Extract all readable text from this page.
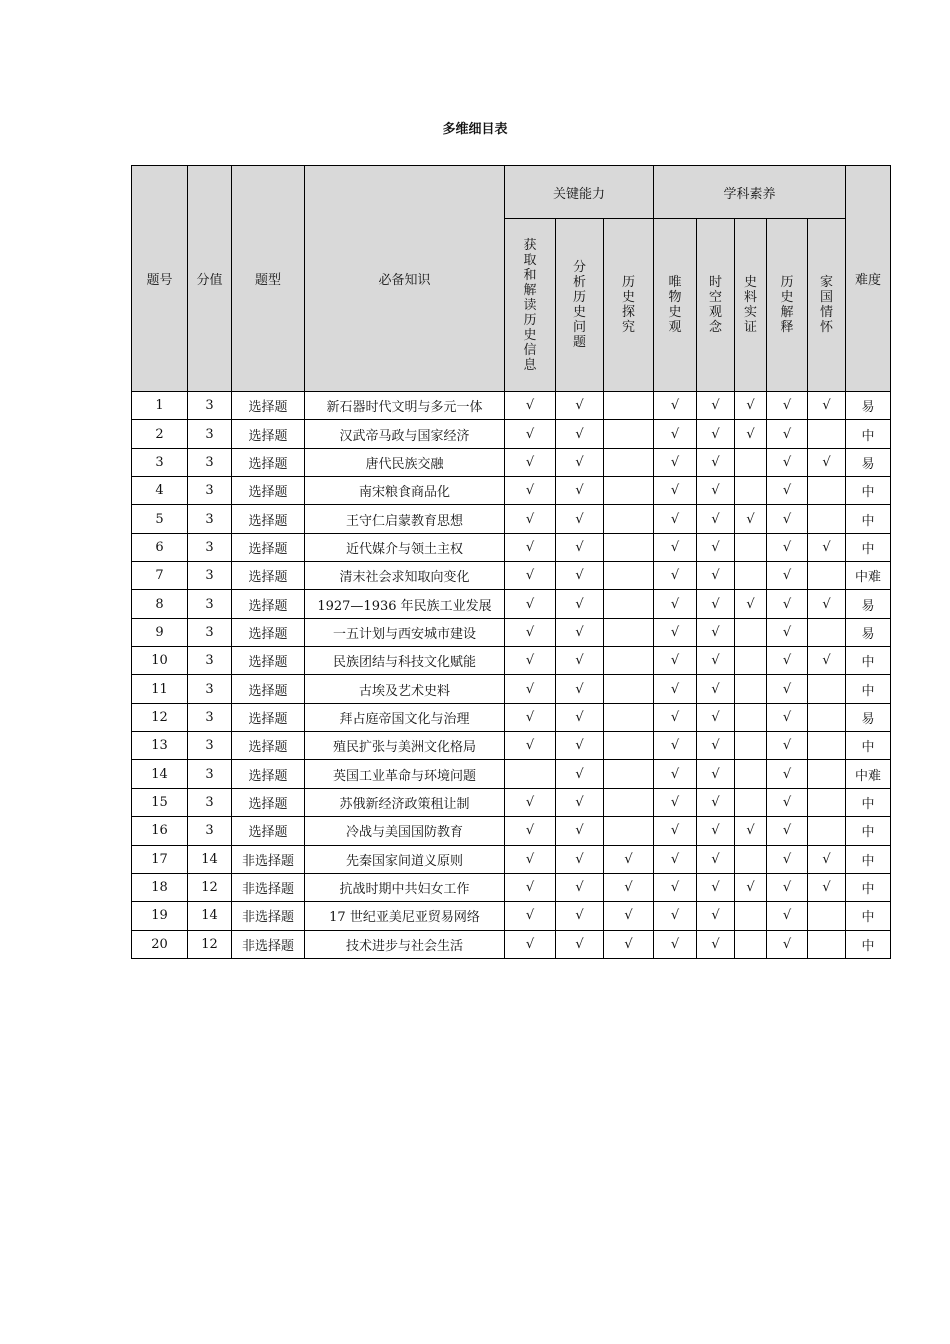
多维细目表
题号	分值	题型	必备知识	关键能力			学科素养					难度
				获取和解读历史信息	分析历史问题	历史探究	唯物史观	时空观念	史料实证	历史解释	家国情怀	
1	3	选择题	新石器时代文明与多元一体	√	√		√	√	√	√	√	易
2	3	选择题	汉武帝马政与国家经济	√	√		√	√	√	√		中
3	3	选择题	唐代民族交融	√	√		√	√		√	√	易
4	3	选择题	南宋粮食商品化	√	√		√	√		√		中
5	3	选择题	王守仁启蒙教育思想	√	√		√	√	√	√		中
6	3	选择题	近代媒介与领土主权	√	√		√	√		√	√	中
7	3	选择题	清末社会求知取向变化	√	√		√	√		√		中难
8	3	选择题	1927—1936 年民族工业发展	√	√		√	√	√	√	√	易
9	3	选择题	一五计划与西安城市建设	√	√		√	√		√		易
10	3	选择题	民族团结与科技文化赋能	√	√		√	√		√	√	中
11	3	选择题	古埃及艺术史料	√	√		√	√		√		中
12	3	选择题	拜占庭帝国文化与治理	√	√		√	√		√		易
13	3	选择题	殖民扩张与美洲文化格局	√	√		√	√		√		中
14	3	选择题	英国工业革命与环境问题		√		√	√		√		中难
15	3	选择题	苏俄新经济政策租让制	√	√		√	√		√		中
16	3	选择题	冷战与美国国防教育	√	√		√	√	√	√		中
17	14	非选择题	先秦国家间道义原则	√	√	√	√	√		√	√	中
18	12	非选择题	抗战时期中共妇女工作	√	√	√	√	√	√	√	√	中
19	14	非选择题	17 世纪亚美尼亚贸易网络	√	√	√	√	√		√		中
20	12	非选择题	技术进步与社会生活	√	√	√	√	√		√		中
